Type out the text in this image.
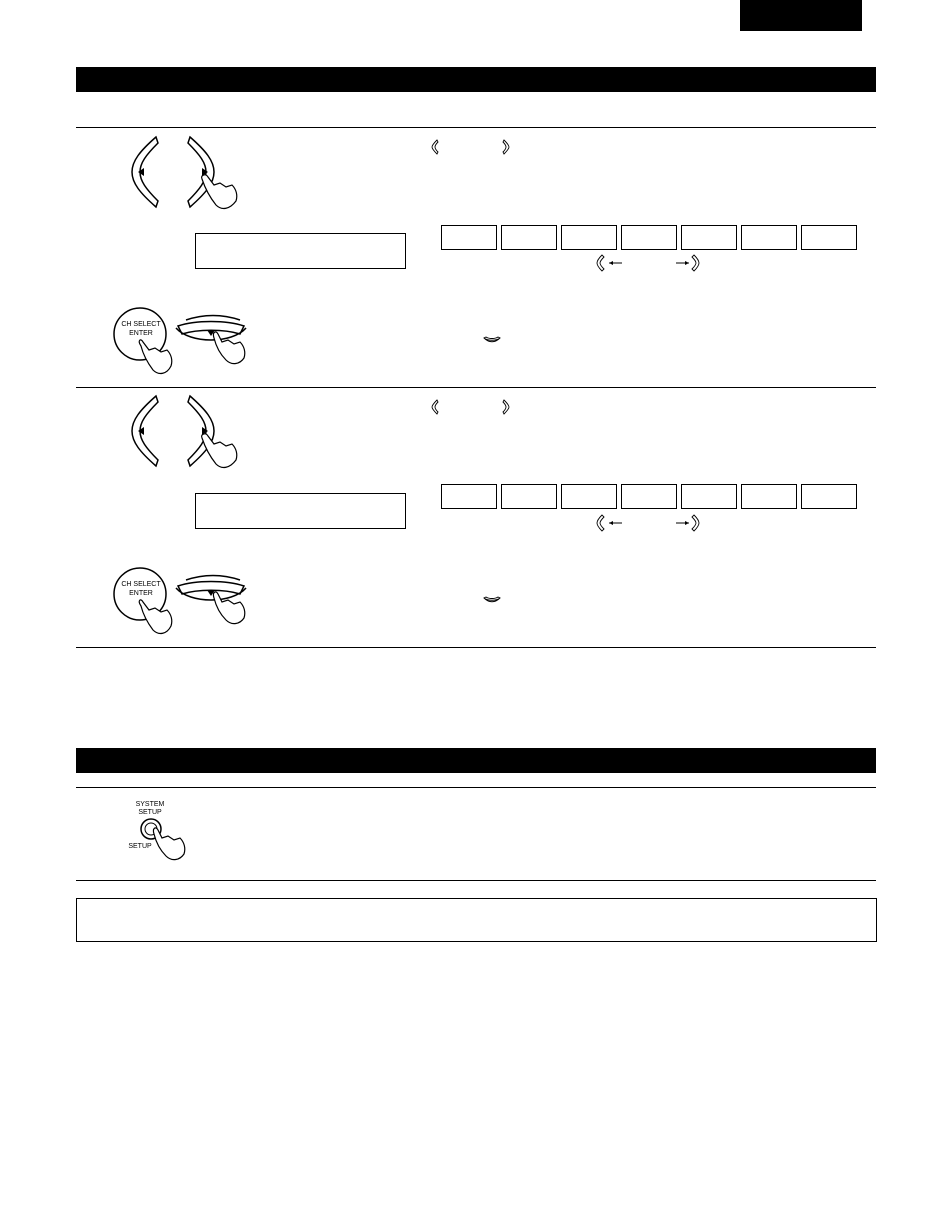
CH SELECT
ENTER
CH SELECT
ENTER
SYSTEM
SETUP
SETUP
